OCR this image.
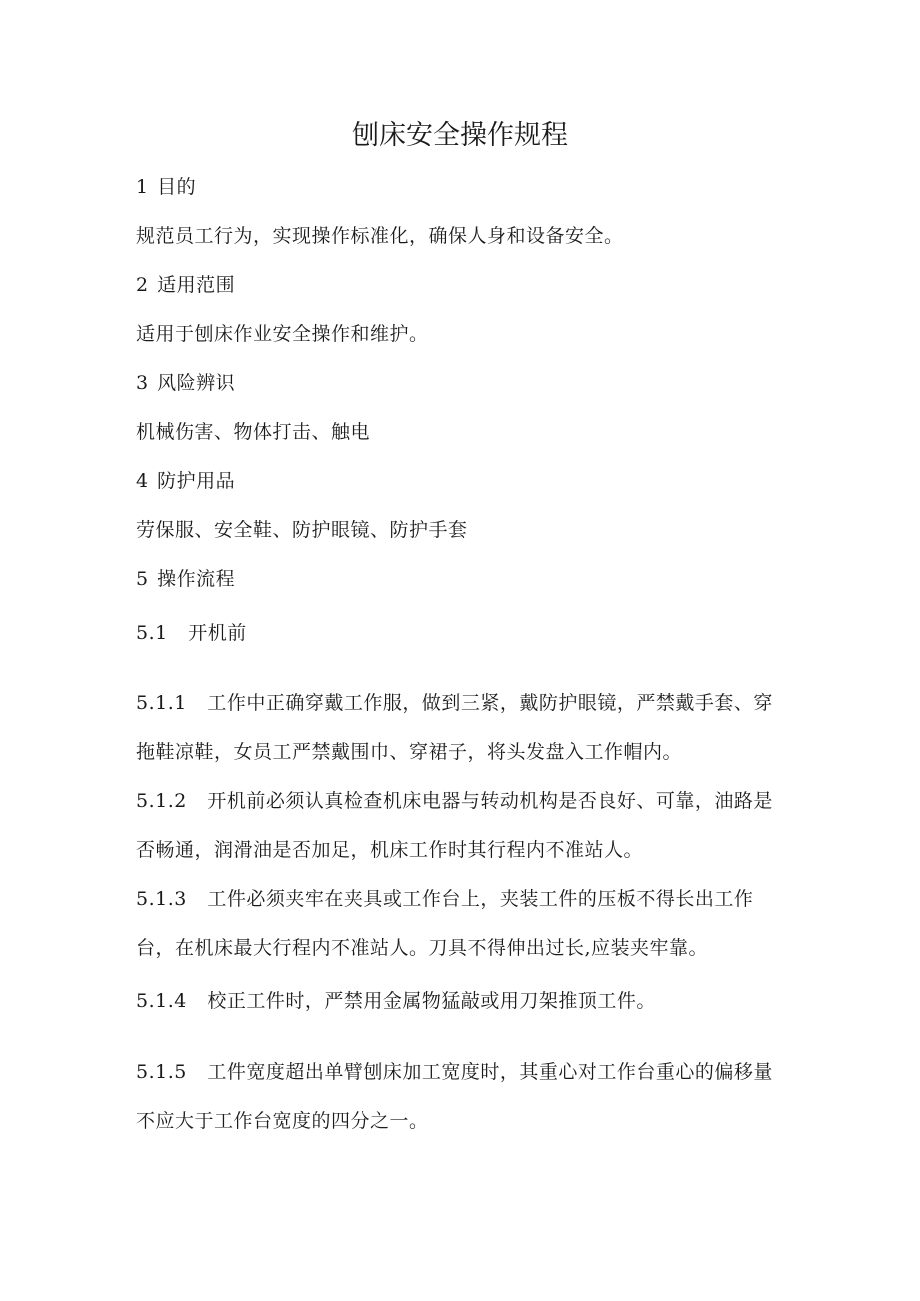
刨床安全操作规程
1 目的
规范员工行为，实现操作标准化，确保人身和设备安全。
2 适用范围
适用于刨床作业安全操作和维护。
3 风险辨识
机械伤害、物体打击、触电
4 防护用品
劳保服、安全鞋、防护眼镜、防护手套
5 操作流程
5.1 开机前
5.1.1 工作中正确穿戴工作服，做到三紧，戴防护眼镜，严禁戴手套、穿
拖鞋凉鞋，女员工严禁戴围巾、穿裙子，将头发盘入工作帽内。
5.1.2 开机前必须认真检查机床电器与转动机构是否良好、可靠，油路是
否畅通，润滑油是否加足，机床工作时其行程内不准站人。
5.1.3 工件必须夹牢在夹具或工作台上，夹装工件的压板不得长出工作
台，在机床最大行程内不准站人。刀具不得伸出过长,应装夹牢靠。
5.1.4 校正工件时，严禁用金属物猛敲或用刀架推顶工件。
5.1.5 工件宽度超出单臂刨床加工宽度时，其重心对工作台重心的偏移量
不应大于工作台宽度的四分之一。
